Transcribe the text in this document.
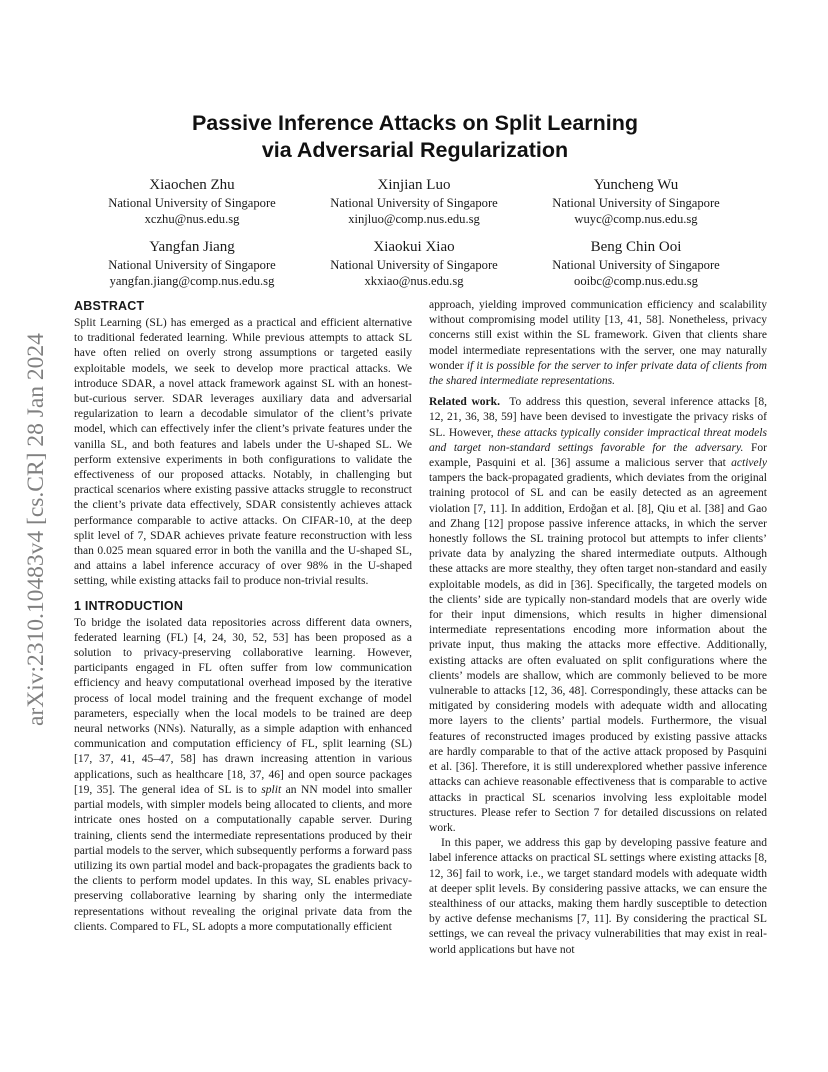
arXiv:2310.10483v4 [cs.CR] 28 Jan 2024
Passive Inference Attacks on Split Learning
via Adversarial Regularization
Xiaochen Zhu
National University of Singapore
xczhu@nus.edu.sg
Xinjian Luo
National University of Singapore
xinjluo@comp.nus.edu.sg
Yuncheng Wu
National University of Singapore
wuyc@comp.nus.edu.sg
Yangfan Jiang
National University of Singapore
yangfan.jiang@comp.nus.edu.sg
Xiaokui Xiao
National University of Singapore
xkxiao@nus.edu.sg
Beng Chin Ooi
National University of Singapore
ooibc@comp.nus.edu.sg
ABSTRACT

Split Learning (SL) has emerged as a practical and efficient alternative to traditional federated learning. While previous attempts to attack SL have often relied on overly strong assumptions or targeted easily exploitable models, we seek to develop more practical attacks. We introduce SDAR, a novel attack framework against SL with an honest-but-curious server. SDAR leverages auxiliary data and adversarial regularization to learn a decodable simulator of the client’s private model, which can effectively infer the client’s private features under the vanilla SL, and both features and labels under the U-shaped SL. We perform extensive experiments in both configurations to validate the effectiveness of our proposed attacks. Notably, in challenging but practical scenarios where existing passive attacks struggle to reconstruct the client’s private data effectively, SDAR consistently achieves attack performance comparable to active attacks. On CIFAR-10, at the deep split level of 7, SDAR achieves private feature reconstruction with less than 0.025 mean squared error in both the vanilla and the U-shaped SL, and attains a label inference accuracy of over 98% in the U-shaped setting, while existing attacks fail to produce non-trivial results.

1 INTRODUCTION

To bridge the isolated data repositories across different data owners, federated learning (FL) [4, 24, 30, 52, 53] has been proposed as a solution to privacy-preserving collaborative learning. However, participants engaged in FL often suffer from low communication efficiency and heavy computational overhead imposed by the iterative process of local model training and the frequent exchange of model parameters, especially when the local models to be trained are deep neural networks (NNs). Naturally, as a simple adaption with enhanced communication and computation efficiency of FL, split learning (SL) [17, 37, 41, 45–47, 58] has drawn increasing attention in various applications, such as healthcare [18, 37, 46] and open source packages [19, 35]. The general idea of SL is to split an NN model into smaller partial models, with simpler models being allocated to clients, and more intricate ones hosted on a computationally capable server. During training, clients send the intermediate representations produced by their partial models to the server, which subsequently performs a forward pass utilizing its own partial model and back-propagates the gradients back to the clients to perform model updates. In this way, SL enables privacy-preserving collaborative learning by sharing only the intermediate representations without revealing the original private data from the clients. Compared to FL, SL adopts a more computationally efficient

approach, yielding improved communication efficiency and scalability without compromising model utility [13, 41, 58]. Nonetheless, privacy concerns still exist within the SL framework. Given that clients share model intermediate representations with the server, one may naturally wonder if it is possible for the server to infer private data of clients from the shared intermediate representations.

Related work. To address this question, several inference attacks [8, 12, 21, 36, 38, 59] have been devised to investigate the privacy risks of SL. However, these attacks typically consider impractical threat models and target non-standard settings favorable for the adversary. For example, Pasquini et al. [36] assume a malicious server that actively tampers the back-propagated gradients, which deviates from the original training protocol of SL and can be easily detected as an agreement violation [7, 11]. In addition, Erdoğan et al. [8], Qiu et al. [38] and Gao and Zhang [12] propose passive inference attacks, in which the server honestly follows the SL training protocol but attempts to infer clients’ private data by analyzing the shared intermediate outputs. Although these attacks are more stealthy, they often target non-standard and easily exploitable models, as did in [36]. Specifically, the targeted models on the clients’ side are typically non-standard models that are overly wide for their input dimensions, which results in higher dimensional intermediate representations encoding more information about the private input, thus making the attacks more effective. Additionally, existing attacks are often evaluated on split configurations where the clients’ models are shallow, which are commonly believed to be more vulnerable to attacks [12, 36, 48]. Correspondingly, these attacks can be mitigated by considering models with adequate width and allocating more layers to the clients’ partial models. Furthermore, the visual features of reconstructed images produced by existing passive attacks are hardly comparable to that of the active attack proposed by Pasquini et al. [36]. Therefore, it is still underexplored whether passive inference attacks can achieve reasonable effectiveness that is comparable to active attacks in practical SL scenarios involving less exploitable model structures. Please refer to Section 7 for detailed discussions on related work.

In this paper, we address this gap by developing passive feature and label inference attacks on practical SL settings where existing attacks [8, 12, 36] fail to work, i.e., we target standard models with adequate width at deeper split levels. By considering passive attacks, we can ensure the stealthiness of our attacks, making them hardly susceptible to detection by active defense mechanisms [7, 11]. By considering the practical SL settings, we can reveal the privacy vulnerabilities that may exist in real-world applications but have not
